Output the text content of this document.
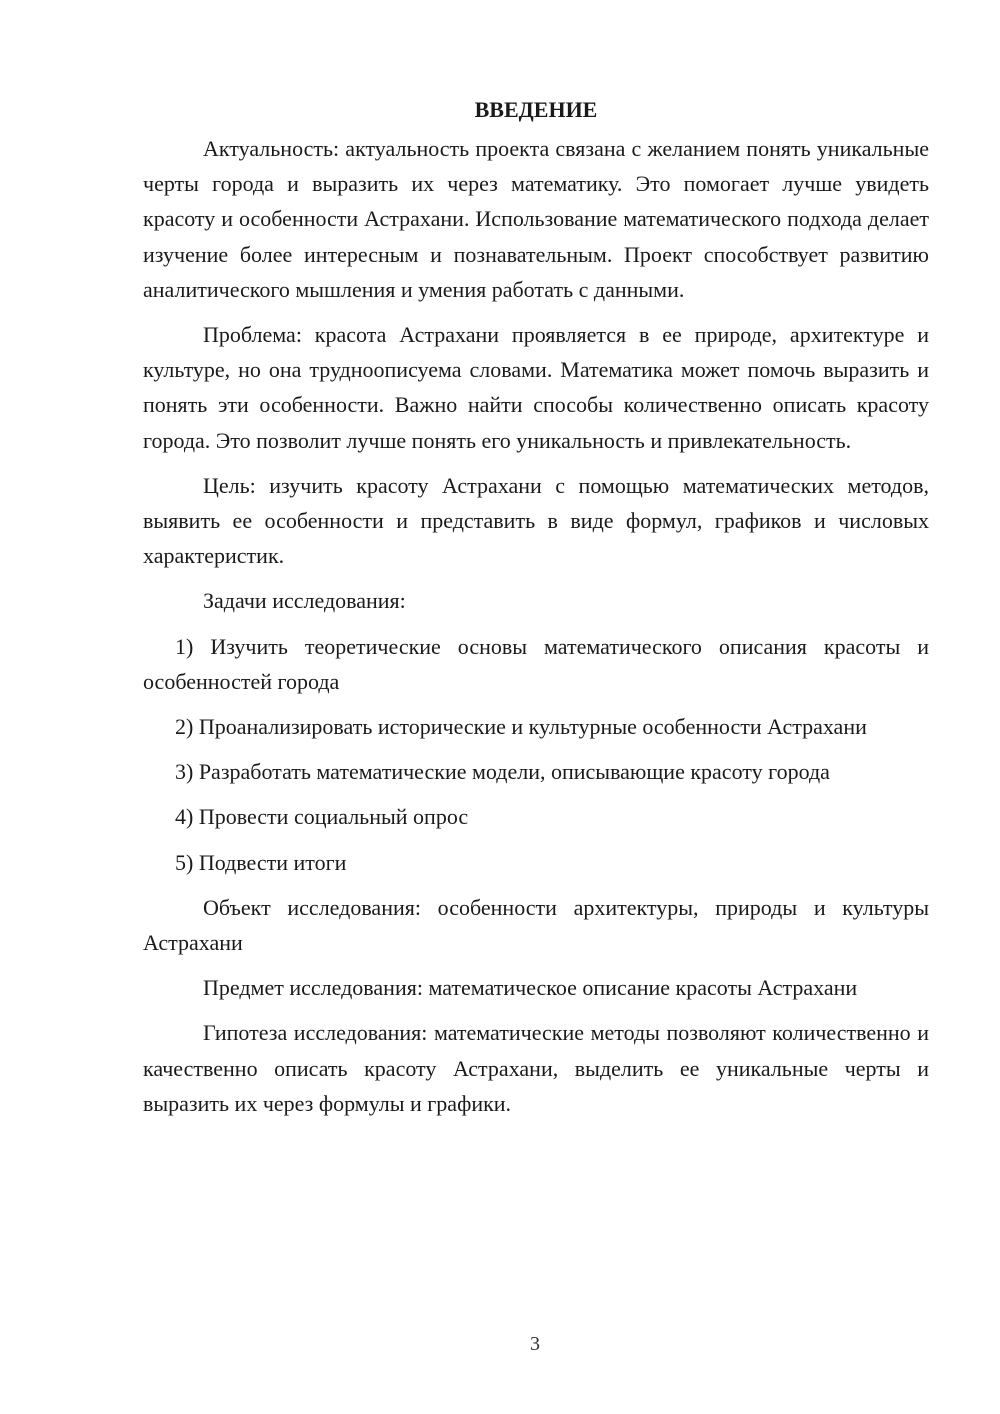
ВВЕДЕНИЕ

Актуальность: актуальность проекта связана с желанием понять уникальные черты города и выразить их через математику. Это помогает лучше увидеть красоту и особенности Астрахани. Использование математического подхода делает изучение более интересным и познавательным. Проект способствует развитию аналитического мышления и умения работать с данными.

Проблема: красота Астрахани проявляется в ее природе, архитектуре и культуре, но она трудноописуема словами. Математика может помочь выразить и понять эти особенности. Важно найти способы количественно описать красоту города. Это позволит лучше понять его уникальность и привлекательность.

Цель: изучить красоту Астрахани с помощью математических методов, выявить ее особенности и представить в виде формул, графиков и числовых характеристик.

Задачи исследования:

1) Изучить теоретические основы математического описания красоты и особенностей города

2) Проанализировать исторические и культурные особенности Астрахани

3) Разработать математические модели, описывающие красоту города

4) Провести социальный опрос

5) Подвести итоги

Объект исследования: особенности архитектуры, природы и культуры Астрахани

Предмет исследования: математическое описание красоты Астрахани

Гипотеза исследования: математические методы позволяют количественно и качественно описать красоту Астрахани, выделить ее уникальные черты и выразить их через формулы и графики.

3
